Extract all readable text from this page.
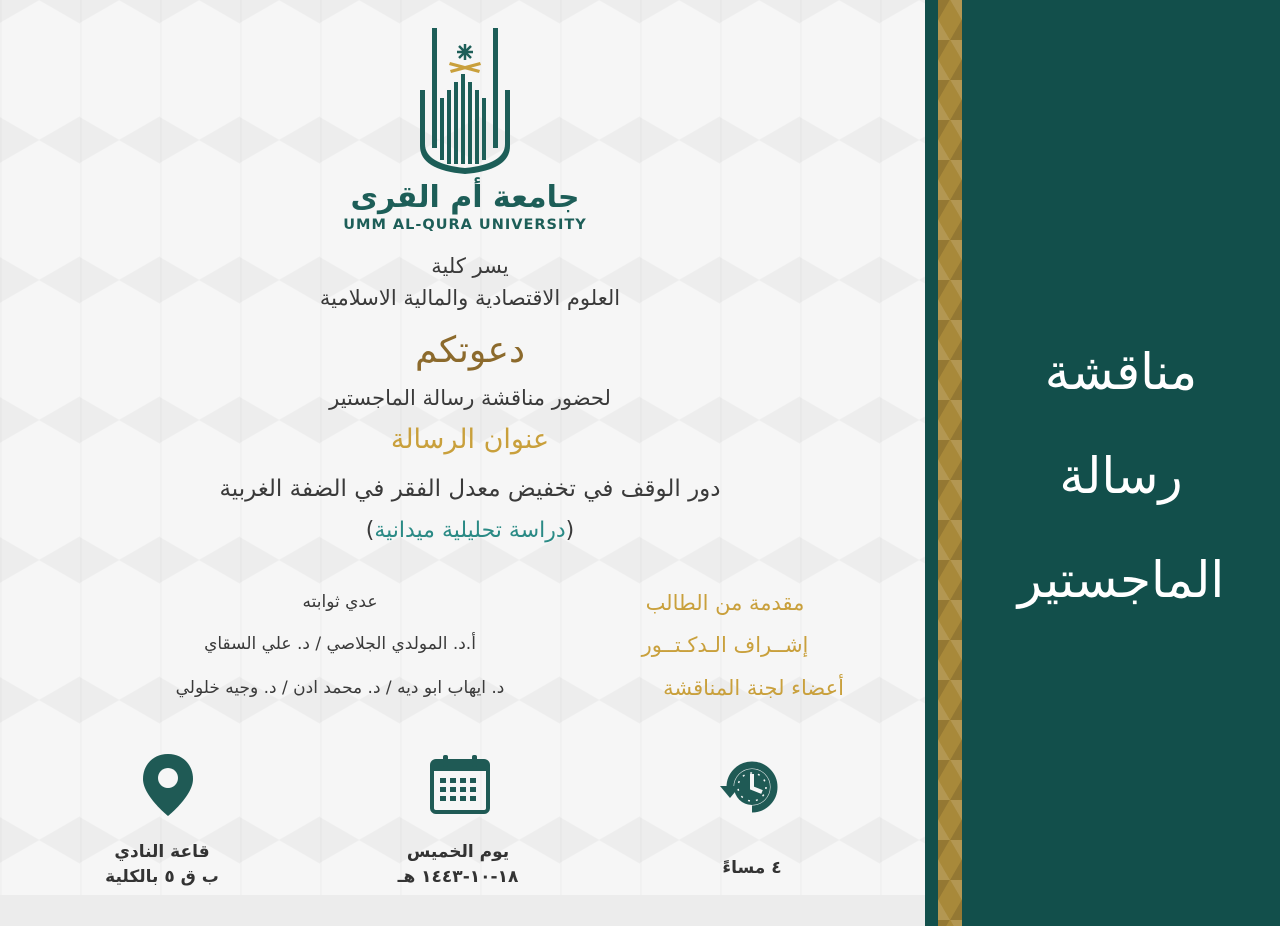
مناقشة
رسالة
الماجستير
جامعة أم القرى
UMM AL-QURA UNIVERSITY
يسر كلية
العلوم الاقتصادية والمالية الاسلامية
دعوتكم
لحضور مناقشة رسالة الماجستير
عنوان الرسالة
دور الوقف في تخفيض معدل الفقر في الضفة الغربية
(دراسة تحليلية ميدانية)
مقدمة من الطالب
عدي ثوابته
إشــراف الـدكـتــور
أ.د. المولدي الجلاصي / د. علي السقاي
أعضاء لجنة المناقشة
د. ايهاب ابو ديه / د. محمد ادن / د. وجيه خلولي
قاعة النادي
ب ق ٥ بالكلية
يوم الخميس
١٨-١٠-١٤٤٣ هـ	٤ مساءً
